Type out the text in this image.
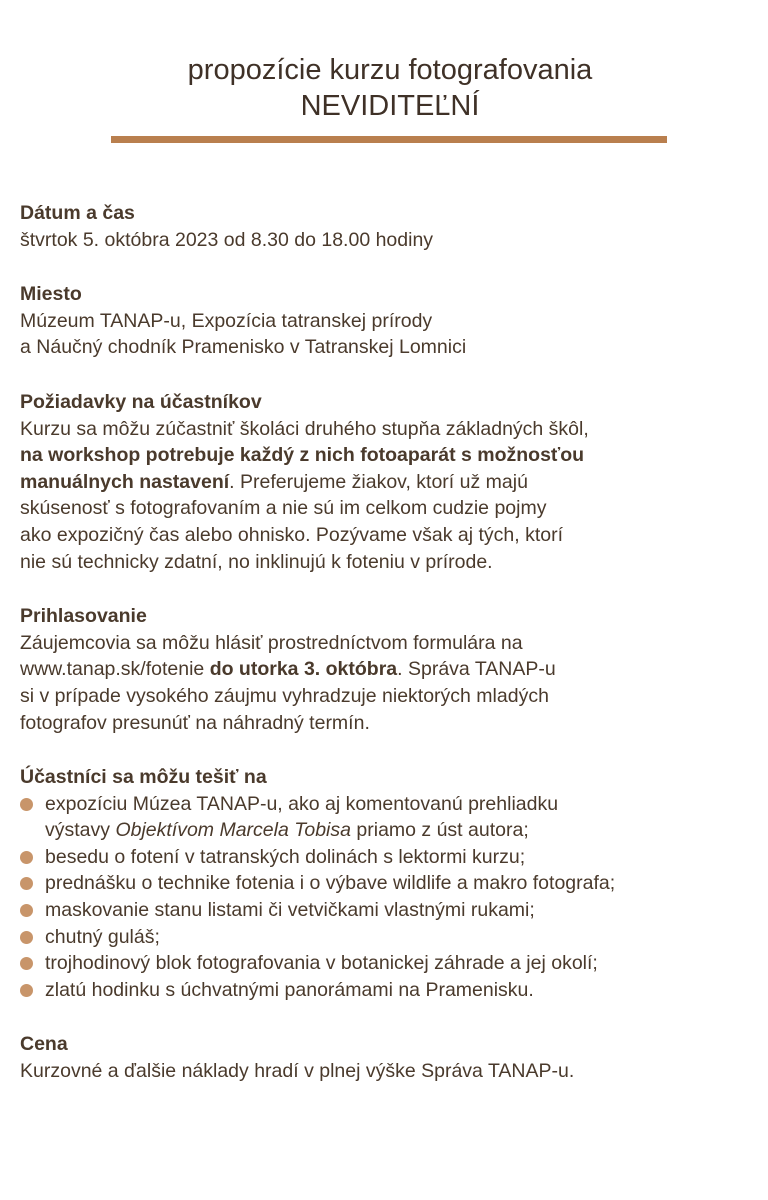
propozície kurzu fotografovania
NEVIDITEĽNÍ
Dátum a čas

štvrtok 5. októbra 2023 od 8.30 do 18.00 hodiny

Miesto

Múzeum TANAP-u, Expozícia tatranskej prírody
a Náučný chodník Pramenisko v Tatranskej Lomnici

Požiadavky na účastníkov

Kurzu sa môžu zúčastniť školáci druhého stupňa základných škôl,
na workshop potrebuje každý z nich fotoaparát s možnosťou
manuálnych nastavení. Preferujeme žiakov, ktorí už majú
skúsenosť s fotografovaním a nie sú im celkom cudzie pojmy
ako expozičný čas alebo ohnisko. Pozývame však aj tých, ktorí
nie sú technicky zdatní, no inklinujú k foteniu v prírode.

Prihlasovanie

Záujemcovia sa môžu hlásiť prostredníctvom formulára na
www.tanap.sk/fotenie do utorka 3. októbra. Správa TANAP-u
si v prípade vysokého záujmu vyhradzuje niektorých mladých
fotografov presunúť na náhradný termín.

Účastníci sa môžu tešiť na
expozíciu Múzea TANAP-u, ako aj komentovanú prehliadku
výstavy Objektívom Marcela Tobisa priamo z úst autora;
besedu o fotení v tatranských dolinách s lektormi kurzu;
prednášku o technike fotenia i o výbave wildlife a makro fotografa;
maskovanie stanu listami či vetvičkami vlastnými rukami;
chutný guláš;
trojhodinový blok fotografovania v botanickej záhrade a jej okolí;
zlatú hodinku s úchvatnými panorámami na Pramenisku.
Cena

Kurzovné a ďalšie náklady hradí v plnej výške Správa TANAP-u.
